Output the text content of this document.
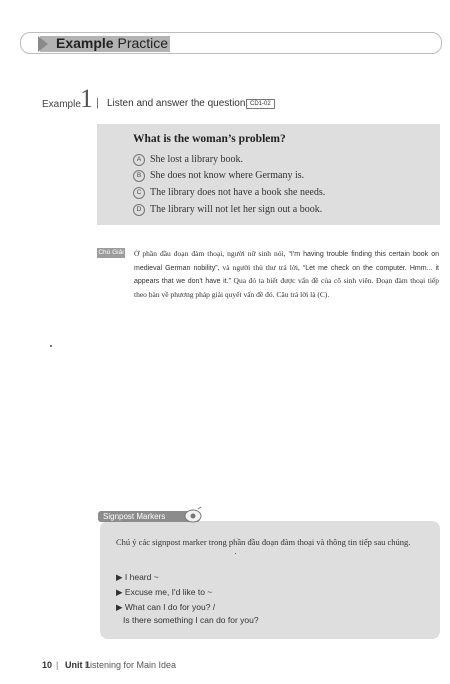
Example Practice
Example 1 | Listen and answer the question. CD1-02
What is the woman’s problem?
A She lost a library book.
B She does not know where Germany is.
C The library does not have a book she needs.
D The library will not let her sign out a book.
Chú Giải Ở phần đầu đoạn đàm thoại, người nữ sinh nói, “I'm having trouble finding this certain book on medieval German nobility”, và người thủ thư trả lời, “Let me check on the computer. Hmm... it appears that we don't have it.” Qua đó ta biết được vấn đề của cô sinh viên. Đoạn đàm thoại tiếp theo bàn về phương pháp giải quyết vấn đề đó. Câu trả lời là (C).
Signpost Markers
Chú ý các signpost marker trong phần đầu đoạn đàm thoại và thông tin tiếp sau chúng.
▶ I heard ~
▶ Excuse me, I'd like to ~
▶ What can I do for you? /
Is there something I can do for you?
10 | Unit 1
Listening for Main Idea
